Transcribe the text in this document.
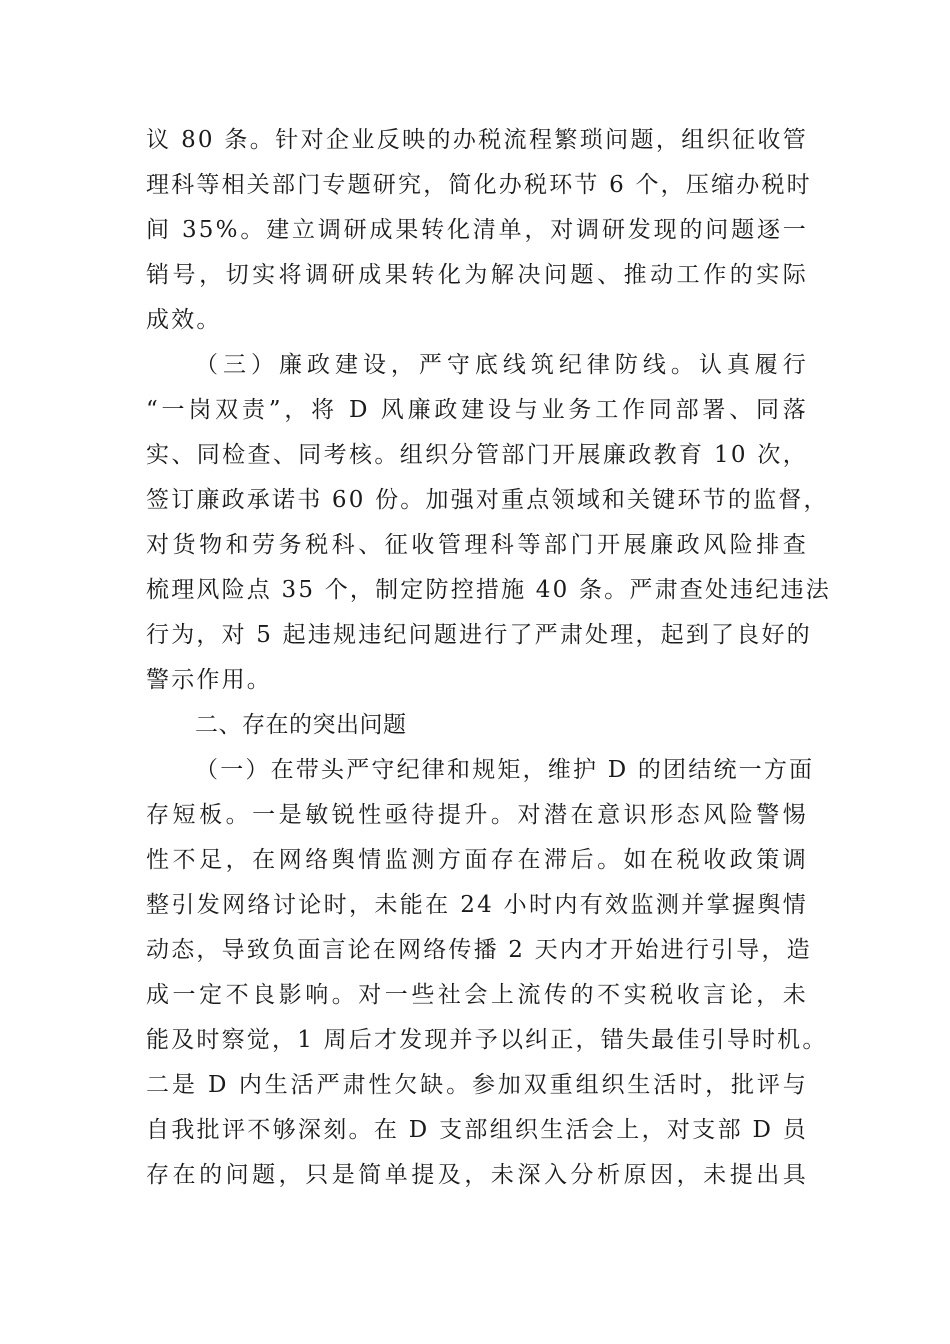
议 80 条。针对企业反映的办税流程繁琐问题，组织征收管
理科等相关部门专题研究，简化办税环节 6 个，压缩办税时
间 35%。建立调研成果转化清单，对调研发现的问题逐一
销号，切实将调研成果转化为解决问题、推动工作的实际
成效。
（三）廉政建设，严守底线筑纪律防线。认真履行
“一岗双责”，将 D 风廉政建设与业务工作同部署、同落
实、同检查、同考核。组织分管部门开展廉政教育 10 次，
签订廉政承诺书 60 份。加强对重点领域和关键环节的监督，
对货物和劳务税科、征收管理科等部门开展廉政风险排查
梳理风险点 35 个，制定防控措施 40 条。严肃查处违纪违法
行为，对 5 起违规违纪问题进行了严肃处理，起到了良好的
警示作用。
二、存在的突出问题
（一）在带头严守纪律和规矩，维护 D 的团结统一方面
存短板。一是敏锐性亟待提升。对潜在意识形态风险警惕
性不足，在网络舆情监测方面存在滞后。如在税收政策调
整引发网络讨论时，未能在 24 小时内有效监测并掌握舆情
动态，导致负面言论在网络传播 2 天内才开始进行引导，造
成一定不良影响。对一些社会上流传的不实税收言论，未
能及时察觉，1 周后才发现并予以纠正，错失最佳引导时机。
二是 D 内生活严肃性欠缺。参加双重组织生活时，批评与
自我批评不够深刻。在 D 支部组织生活会上，对支部 D 员
存在的问题，只是简单提及，未深入分析原因，未提出具
